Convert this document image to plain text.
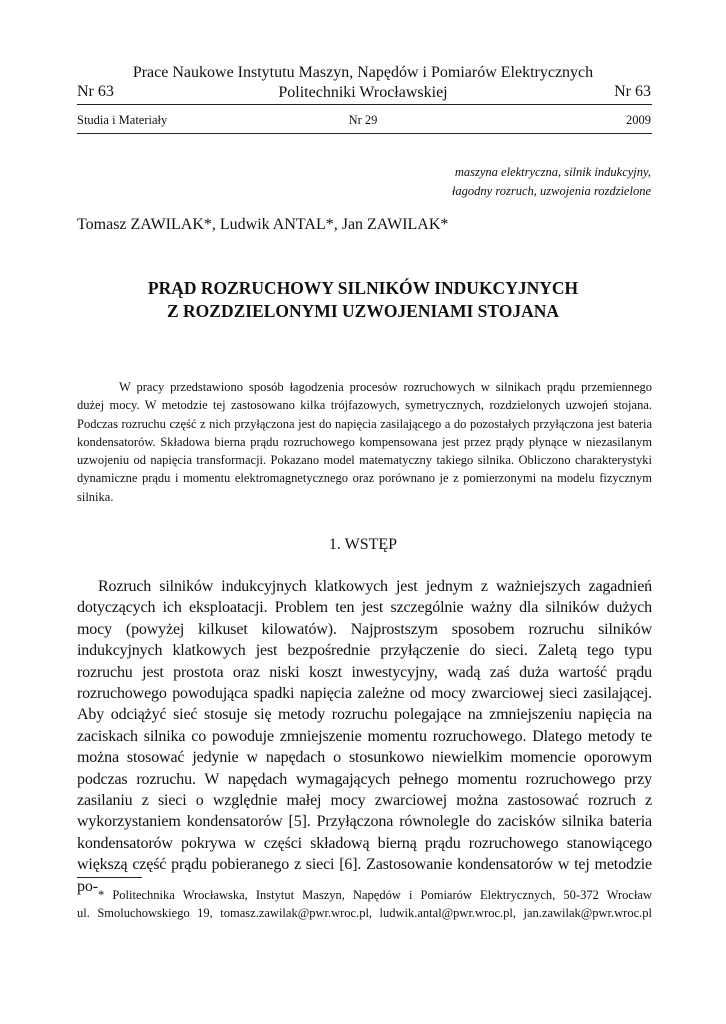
Prace Naukowe Instytutu Maszyn, Napędów i Pomiarów Elektrycznych
Nr 63	Politechniki Wrocławskiej	Nr 63
Studia i Materiały	Nr 29	2009
maszyna elektryczna, silnik indukcyjny,
łagodny rozruch, uzwojenia rozdzielone
Tomasz ZAWILAK*, Ludwik ANTAL*, Jan ZAWILAK*
PRĄD ROZRUCHOWY SILNIKÓW INDUKCYJNYCH
Z ROZDZIELONYMI UZWOJENIAMI STOJANA

W pracy przedstawiono sposób łagodzenia procesów rozruchowych w silnikach prądu przemiennego dużej mocy. W metodzie tej zastosowano kilka trójfazowych, symetrycznych, rozdzielonych uzwojeń stojana. Podczas rozruchu część z nich przyłączona jest do napięcia zasilającego a do pozostałych przyłączona jest bateria kondensatorów. Składowa bierna prądu rozruchowego kompensowana jest przez prądy płynące w niezasilanym uzwojeniu od napięcia transformacji. Pokazano model matematyczny takiego silnika. Obliczono charakterystyki dynamiczne prądu i momentu elektromagnetycznego oraz porównano je z pomierzonymi na modelu fizycznym silnika.

1. WSTĘP

Rozruch silników indukcyjnych klatkowych jest jednym z ważniejszych zagadnień dotyczących ich eksploatacji. Problem ten jest szczególnie ważny dla silników dużych mocy (powyżej kilkuset kilowatów). Najprostszym sposobem rozruchu silników indukcyjnych klatkowych jest bezpośrednie przyłączenie do sieci. Zaletą tego typu rozruchu jest prostota oraz niski koszt inwestycyjny, wadą zaś duża wartość prądu rozruchowego powodująca spadki napięcia zależne od mocy zwarciowej sieci zasilającej. Aby odciążyć sieć stosuje się metody rozruchu polegające na zmniejszeniu napięcia na zaciskach silnika co powoduje zmniejszenie momentu rozruchowego. Dlatego metody te można stosować jedynie w napędach o stosunkowo niewielkim momencie oporowym podczas rozruchu. W napędach wymagających pełnego momentu rozruchowego przy zasilaniu z sieci o względnie małej mocy zwarciowej można zastosować rozruch z wykorzystaniem kondensatorów [5]. Przyłączona równolegle do zacisków silnika bateria kondensatorów pokrywa w części składową bierną prądu rozruchowego stanowiącego większą część prądu pobieranego z sieci [6]. Zastosowanie kondensatorów w tej metodzie po-

* Politechnika Wrocławska, Instytut Maszyn, Napędów i Pomiarów Elektrycznych, 50-372 Wrocław

ul. Smoluchowskiego 19, tomasz.zawilak@pwr.wroc.pl, ludwik.antal@pwr.wroc.pl, jan.zawilak@pwr.wroc.pl
